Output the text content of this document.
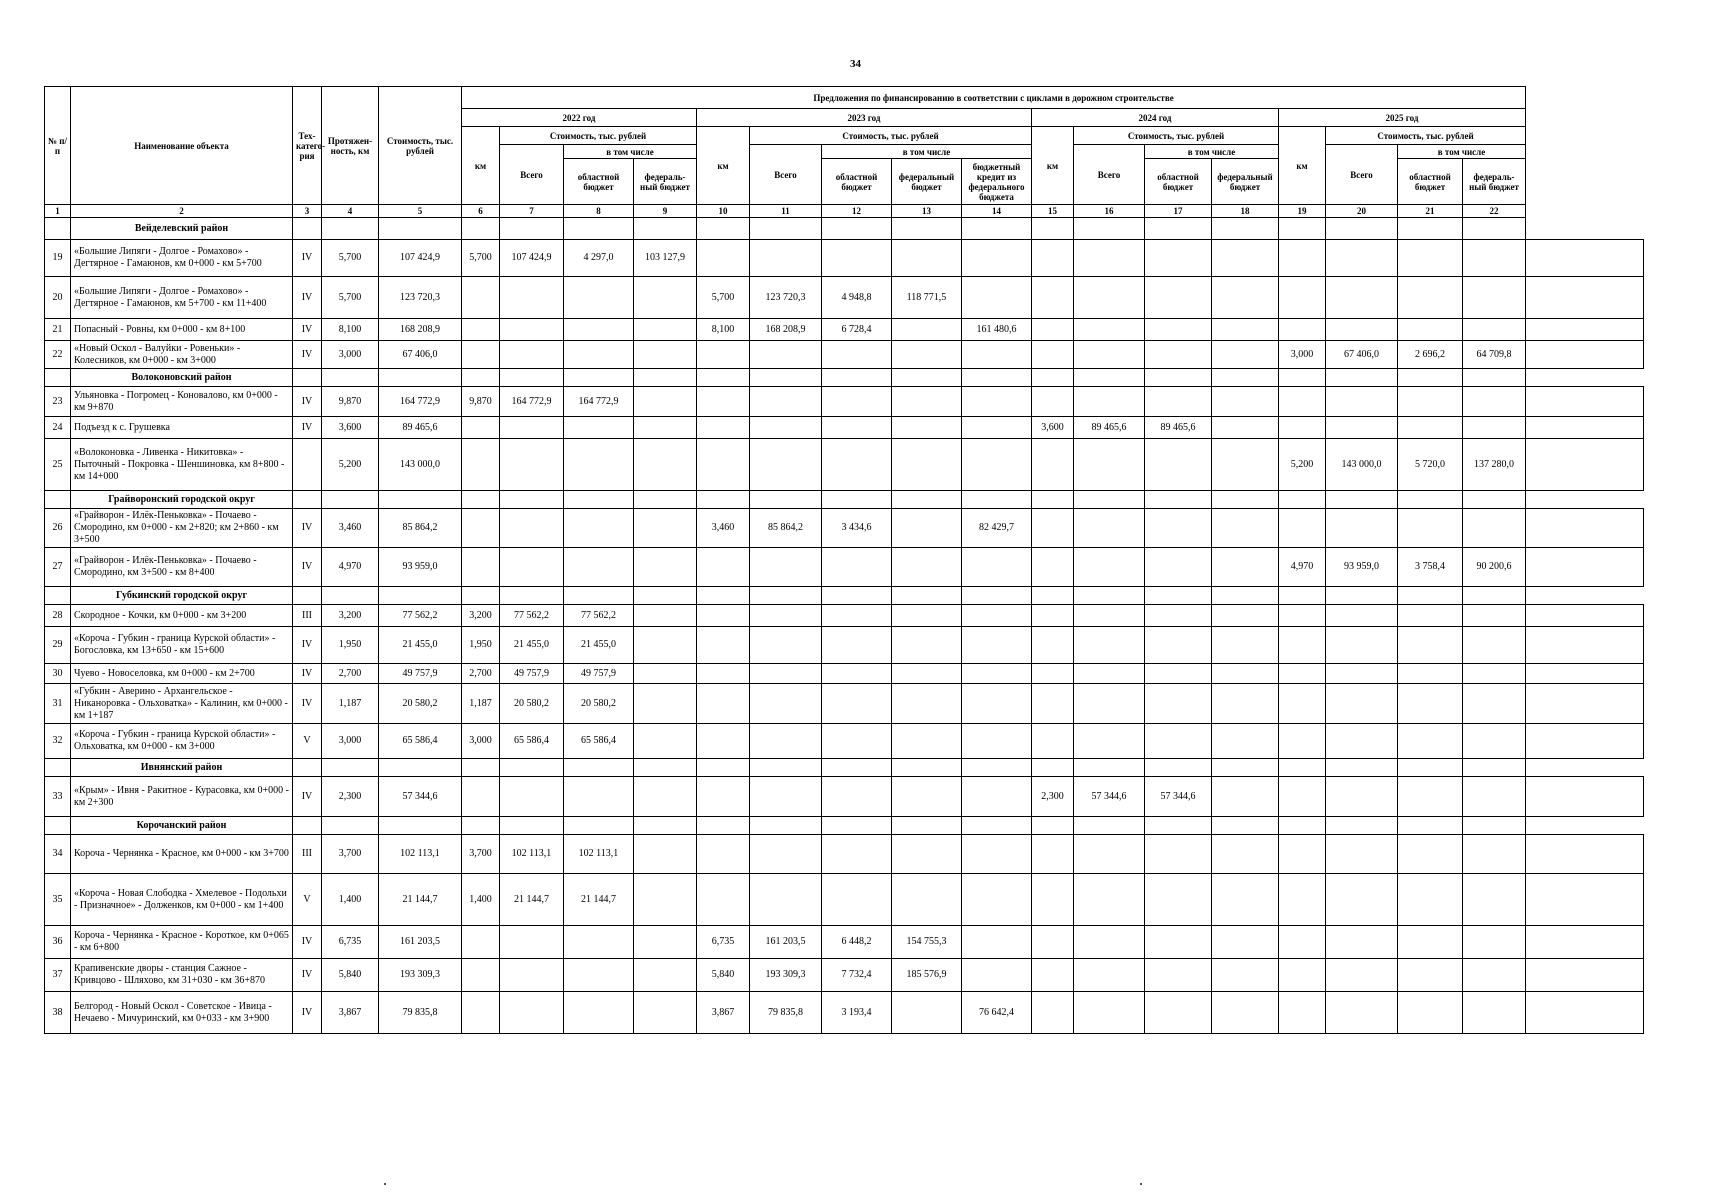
34
№ п/п	Наименование объекта	Тех- катего- рия	Протяжен- ность, км	Стоимость, тыс. рублей	Предложения по финансированию в соответствии с циклами в дорожном строительстве																	
					2022 год				2023 год					2024 год				2025 год				
					км	Стоимость, тыс. рублей			км	Стоимость, тыс. рублей				км	Стоимость, тыс. рублей			км	Стоимость, тыс. рублей			
						Всего	в том числе			Всего	в том числе				Всего	в том числе			Всего	в том числе		
							областной бюджет	федераль- ный бюджет			областной бюджет	федеральный бюджет	бюджетный кредит из федерального бюджета			областной бюджет	федеральный бюджет			областной бюджет	федераль- ный бюджет	
1	2	3	4	5	6	7	8	9	10	11	12	13	14	15	16	17	18	19	20	21	22	
	Вейделевский район																					
19	«Большие Липяги - Долгое - Ромахово» - Дегтярное - Гамаюнов, км 0+000 - км 5+700	IV	5,700	107 424,9	5,700	107 424,9	4 297,0	103 127,9														
20	«Большие Липяги - Долгое - Ромахово» - Дегтярное - Гамаюнов, км 5+700 - км 11+400	IV	5,700	123 720,3					5,700	123 720,3	4 948,8	118 771,5										
21	Попасный - Ровны, км 0+000 - км 8+100	IV	8,100	168 208,9					8,100	168 208,9	6 728,4		161 480,6									
22	«Новый Оскол - Валуйки - Ровеньки» - Колесников, км 0+000 - км 3+000	IV	3,000	67 406,0														3,000	67 406,0	2 696,2	64 709,8	
	Волоконовский район																					
23	Ульяновка - Погромец - Коновалово, км 0+000 - км 9+870	IV	9,870	164 772,9	9,870	164 772,9	164 772,9															
24	Подъезд к с. Грушевка	IV	3,600	89 465,6										3,600	89 465,6	89 465,6						
25	«Волоконовка - Ливенка - Никитовка» - Пыточный - Покровка - Шеншиновка, км 8+800 - км 14+000		5,200	143 000,0														5,200	143 000,0	5 720,0	137 280,0	
	Грайворонский городской округ																					
26	«Грайворон - Илёк-Пеньковка» - Почаево - Смородино, км 0+000 - км 2+820; км 2+860 - км 3+500	IV	3,460	85 864,2					3,460	85 864,2	3 434,6		82 429,7									
27	«Грайворон - Илёк-Пеньковка» - Почаево - Смородино, км 3+500 - км 8+400	IV	4,970	93 959,0														4,970	93 959,0	3 758,4	90 200,6	
	Губкинский городской округ																					
28	Скородное - Кочки, км 0+000 - км 3+200	III	3,200	77 562,2	3,200	77 562,2	77 562,2															
29	«Короча - Губкин - граница Курской области» - Богословка, км 13+650 - км 15+600	IV	1,950	21 455,0	1,950	21 455,0	21 455,0															
30	Чуево - Новоселовка, км 0+000 - км 2+700	IV	2,700	49 757,9	2,700	49 757,9	49 757,9															
31	«Губкин - Аверино - Архангельское - Никаноровка - Ольховатка» - Калинин, км 0+000 - км 1+187	IV	1,187	20 580,2	1,187	20 580,2	20 580,2															
32	«Короча - Губкин - граница Курской области» - Ольховатка, км 0+000 - км 3+000	V	3,000	65 586,4	3,000	65 586,4	65 586,4															
	Ивнянский район																					
33	«Крым» - Ивня - Ракитное - Курасовка, км 0+000 - км 2+300	IV	2,300	57 344,6										2,300	57 344,6	57 344,6						
	Корочанский район																					
34	Короча - Чернянка - Красное, км 0+000 - км 3+700	III	3,700	102 113,1	3,700	102 113,1	102 113,1															
35	«Короча - Новая Слободка - Хмелевое - Подольхи - Призначное» - Долженков, км 0+000 - км 1+400	V	1,400	21 144,7	1,400	21 144,7	21 144,7															
36	Короча - Чернянка - Красное - Короткое, км 0+065 - км 6+800	IV	6,735	161 203,5					6,735	161 203,5	6 448,2	154 755,3										
37	Крапивенские дворы - станция Сажное - Кривцово - Шляхово, км 31+030 - км 36+870	IV	5,840	193 309,3					5,840	193 309,3	7 732,4	185 576,9										
38	Белгород - Новый Оскол - Советское - Ивица - Нечаево - Мичуринский, км 0+033 - км 3+900	IV	3,867	79 835,8					3,867	79 835,8	3 193,4		76 642,4									
